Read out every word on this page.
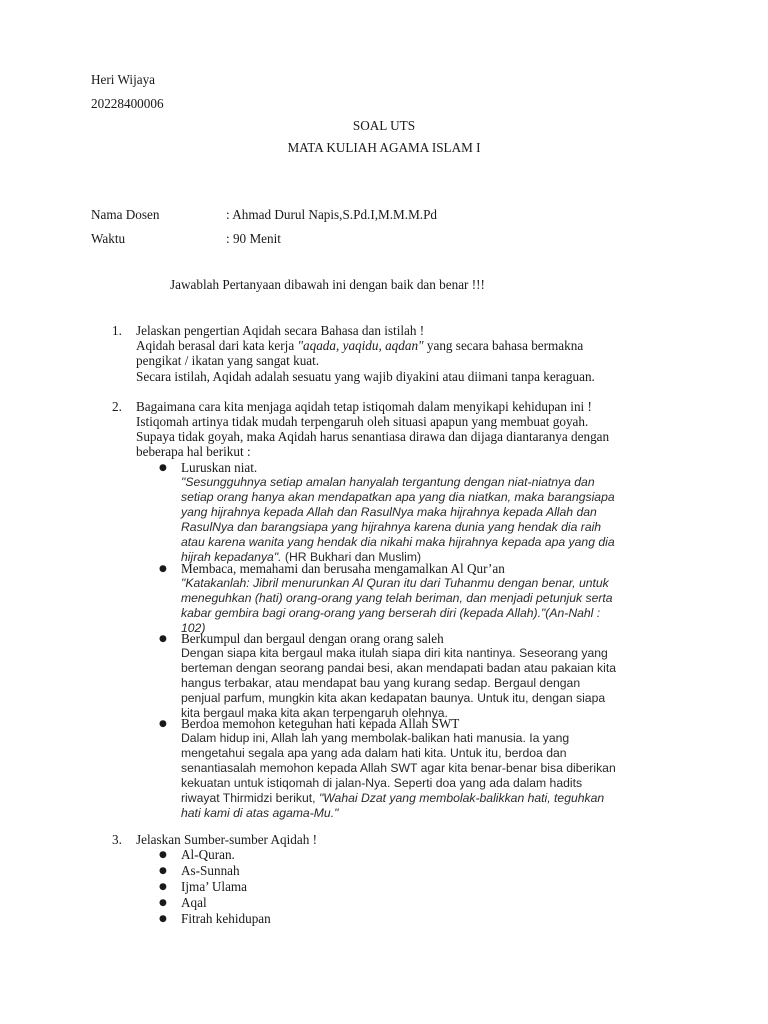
Heri Wijaya
20228400006
SOAL UTS
MATA KULIAH AGAMA ISLAM I
Nama Dosen	: Ahmad Durul Napis,S.Pd.I,M.M.M.Pd
Waktu	: 90 Menit
Jawablah Pertanyaan dibawah ini dengan baik dan benar !!!
1. Jelaskan pengertian Aqidah secara Bahasa dan istilah !
Aqidah berasal dari kata kerja "aqada, yaqidu, aqdan" yang secara bahasa bermakna
pengikat / ikatan yang sangat kuat.
Secara istilah, Aqidah adalah sesuatu yang wajib diyakini atau diimani tanpa keraguan.
2. Bagaimana cara kita menjaga aqidah tetap istiqomah dalam menyikapi kehidupan ini !
Istiqomah artinya tidak mudah terpengaruh oleh situasi apapun yang membuat goyah.
Supaya tidak goyah, maka Aqidah harus senantiasa dirawa dan dijaga diantaranya dengan
beberapa hal berikut :
● Luruskan niat.
"Sesungguhnya setiap amalan hanyalah tergantung dengan niat-niatnya dan
setiap orang hanya akan mendapatkan apa yang dia niatkan, maka barangsiapa
yang hijrahnya kepada Allah dan RasulNya maka hijrahnya kepada Allah dan
RasulNya dan barangsiapa yang hijrahnya karena dunia yang hendak dia raih
atau karena wanita yang hendak dia nikahi maka hijrahnya kepada apa yang dia
hijrah kepadanya". (HR Bukhari dan Muslim)
● Membaca, memahami dan berusaha mengamalkan Al Qur’an
"Katakanlah: Jibril menurunkan Al Quran itu dari Tuhanmu dengan benar, untuk
meneguhkan (hati) orang-orang yang telah beriman, dan menjadi petunjuk serta
kabar gembira bagi orang-orang yang berserah diri (kepada Allah)."(An-Nahl :
102)
● Berkumpul dan bergaul dengan orang orang saleh
Dengan siapa kita bergaul maka itulah siapa diri kita nantinya. Seseorang yang
berteman dengan seorang pandai besi, akan mendapati badan atau pakaian kita
hangus terbakar, atau mendapat bau yang kurang sedap. Bergaul dengan
penjual parfum, mungkin kita akan kedapatan baunya. Untuk itu, dengan siapa
kita bergaul maka kita akan terpengaruh olehnya.
● Berdoa memohon keteguhan hati kepada Allah SWT
Dalam hidup ini, Allah lah yang membolak-balikan hati manusia. Ia yang
mengetahui segala apa yang ada dalam hati kita. Untuk itu, berdoa dan
senantiasalah memohon kepada Allah SWT agar kita benar-benar bisa diberikan
kekuatan untuk istiqomah di jalan-Nya. Seperti doa yang ada dalam hadits
riwayat Thirmidzi berikut, "Wahai Dzat yang membolak-balikkan hati, teguhkan
hati kami di atas agama-Mu."
3. Jelaskan Sumber-sumber Aqidah !
● Al-Quran.
● As-Sunnah
● Ijma’ Ulama
● Aqal
● Fitrah kehidupan
